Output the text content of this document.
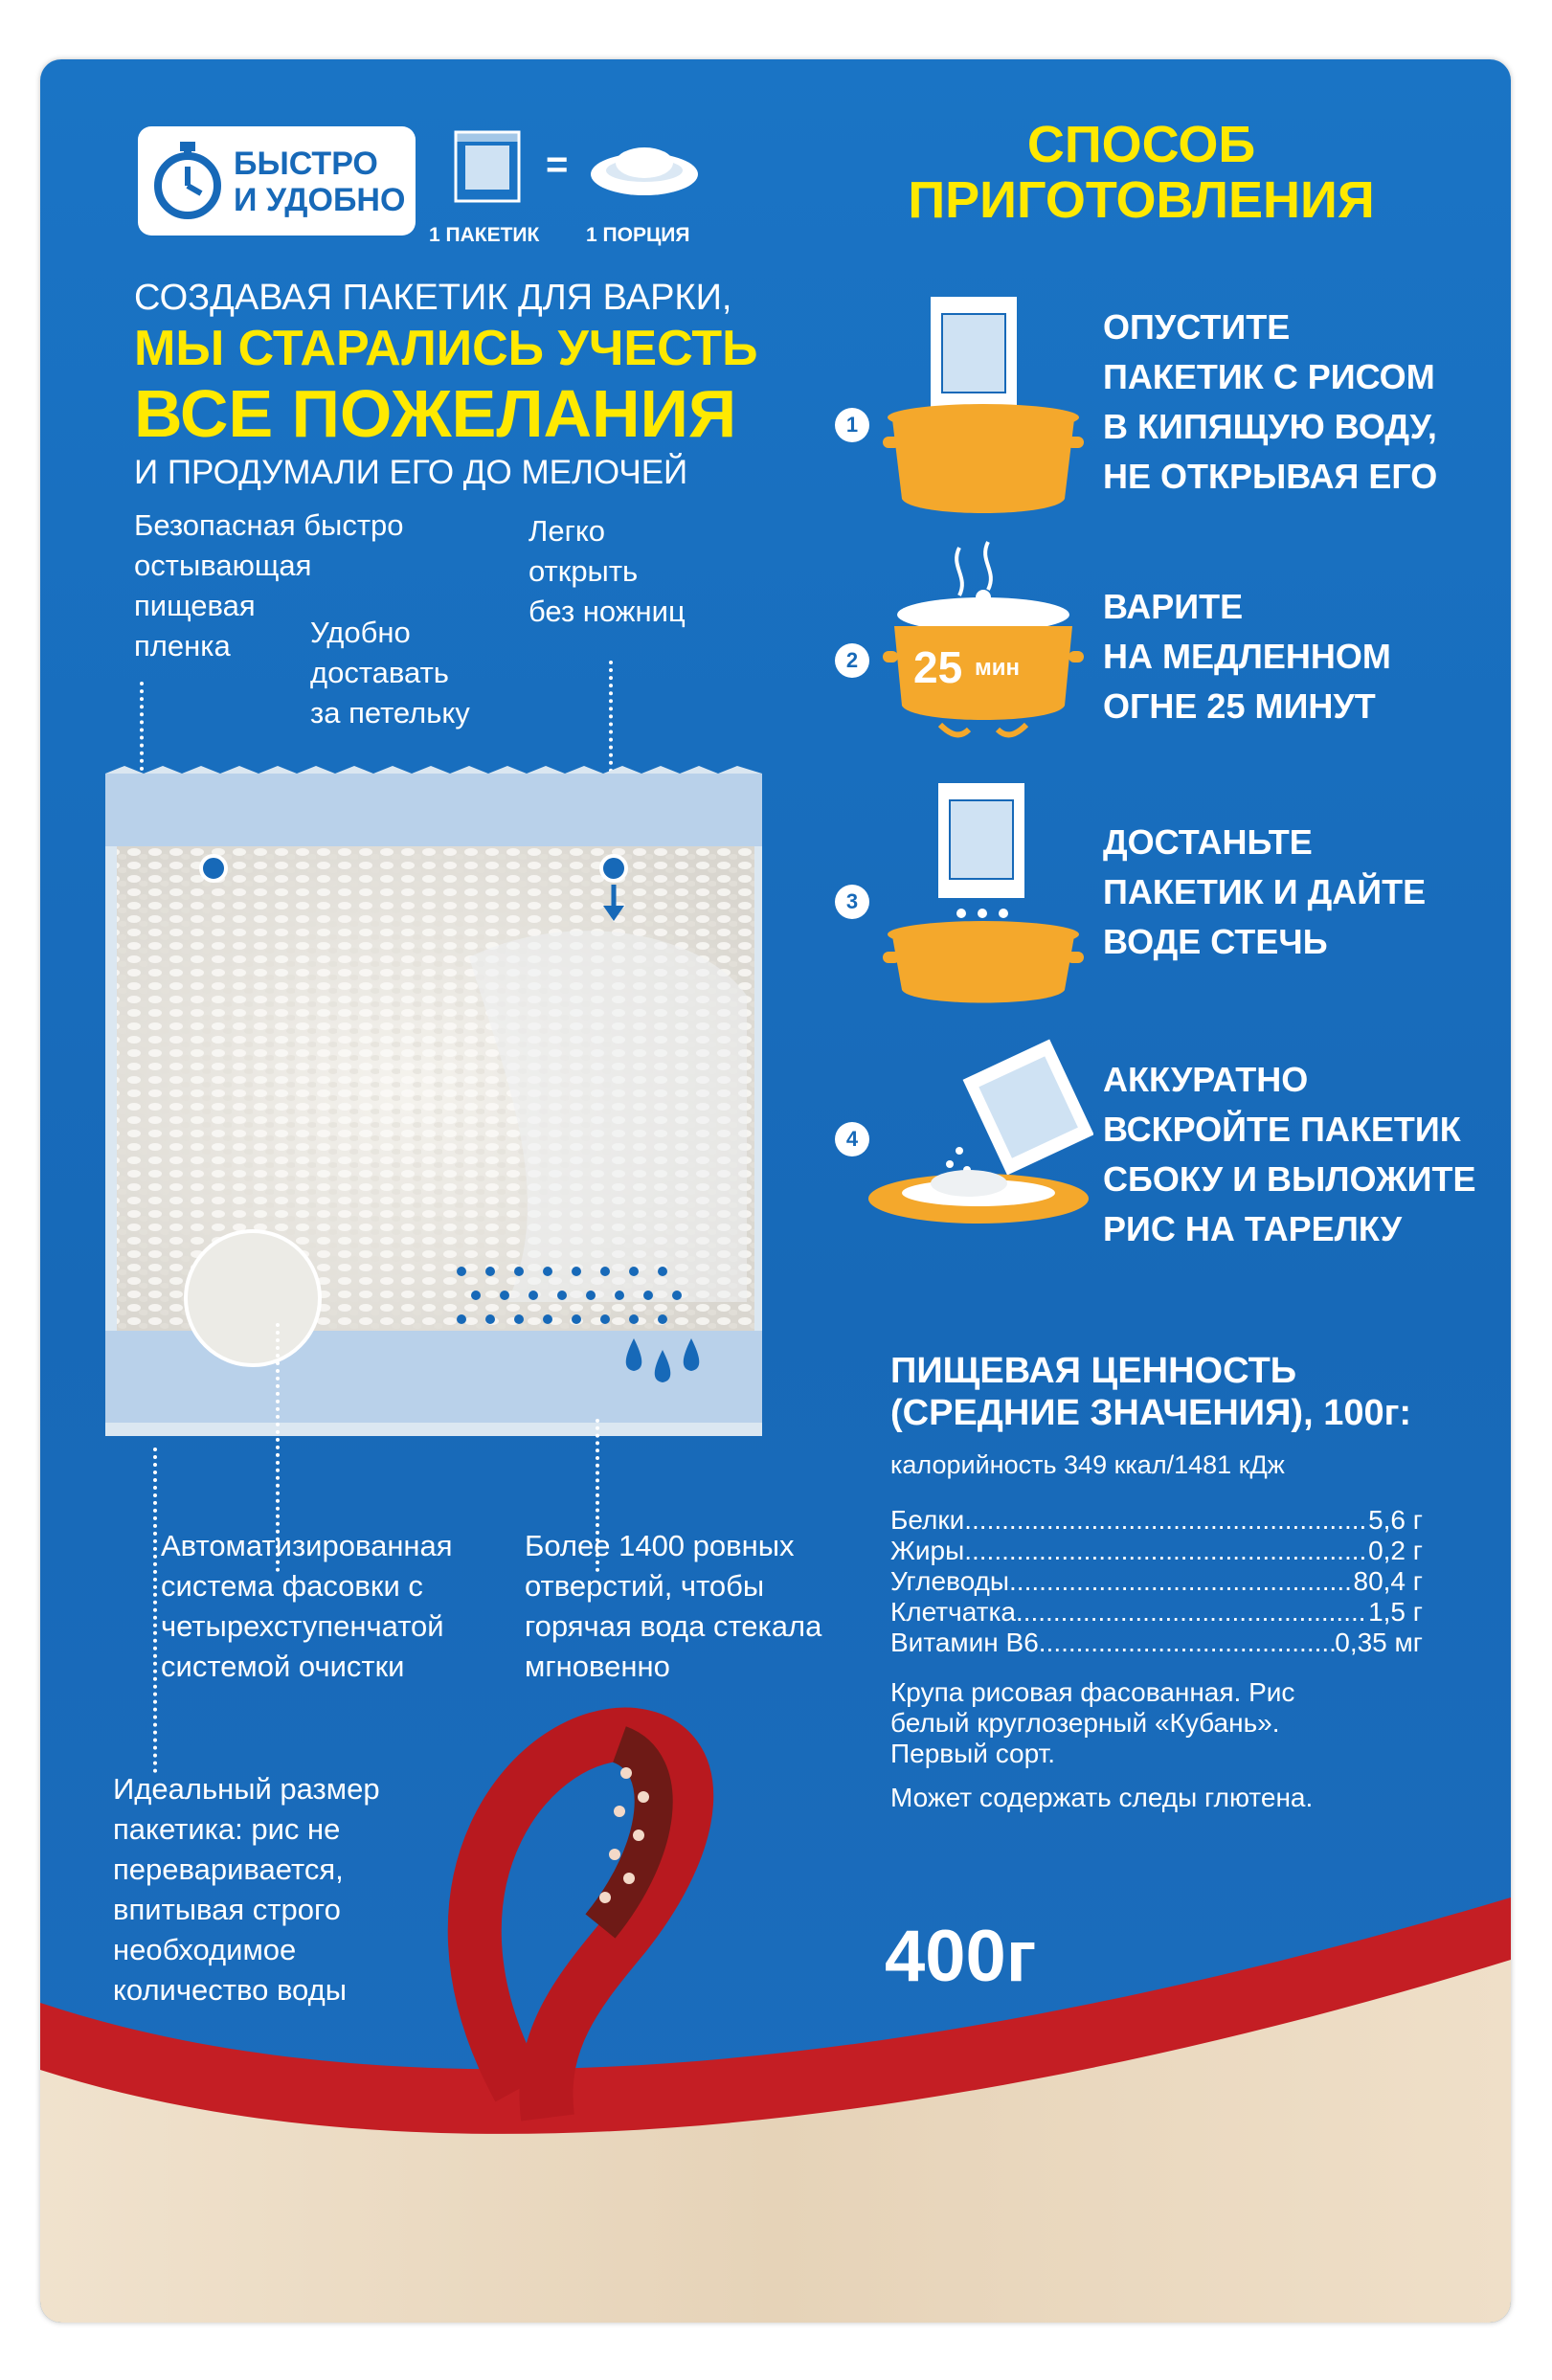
БЫСТРО
И УДОБНО
=
1 ПАКЕТИК 1 ПОРЦИЯ
СОЗДАВАЯ ПАКЕТИК ДЛЯ ВАРКИ,
МЫ СТАРАЛИСЬ УЧЕСТЬ
ВСЕ ПОЖЕЛАНИЯ
И ПРОДУМАЛИ ЕГО ДО МЕЛОЧЕЙ
Безопасная быстро
остывающая
пищевая
пленка	Удобно
доставать
за петельку
Легко
открыть
без ножниц
Автоматизированная
система фасовки с
четырехступенчатой
системой очистки
Более 1400 ровных
отверстий, чтобы
горячая вода стекала
мгновенно
Идеальный размер
пакетика: рис не
переваривается,
впитывая строго
необходимое
количество воды
СПОСОБ
ПРИГОТОВЛЕНИЯ
1
ОПУСТИТЕ
ПАКЕТИК С РИСОМ
В КИПЯЩУЮ ВОДУ,
НЕ ОТКРЫВАЯ ЕГО
2 25 мин
ВАРИТЕ
НА МЕДЛЕННОМ
ОГНЕ 25 МИНУТ
3
ДОСТАНЬТЕ
ПАКЕТИК И ДАЙТЕ
ВОДЕ СТЕЧЬ
4
АККУРАТНО
ВСКРОЙТЕ ПАКЕТИК
СБОКУ И ВЫЛОЖИТЕ
РИС НА ТАРЕЛКУ
ПИЩЕВАЯ ЦЕННОСТЬ
(СРЕДНИЕ ЗНАЧЕНИЯ), 100г:
калорийность 349 ккал/1481 кДж
Белки .....	5,6 г
Жиры .....	0,2 г
Углеводы .....	80,4 г
Клетчатка .....	1,5 г
Витамин В6 .....	0,35 мг
Крупа рисовая фасованная. Рис
белый круглозерный «Кубань».
Первый сорт.
Может содержать следы глютена.
400г
